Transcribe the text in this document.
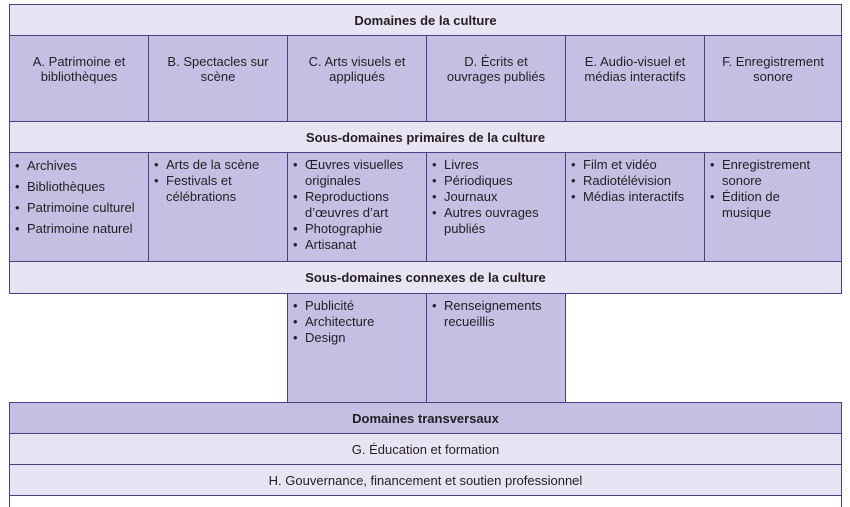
Domaines de la culture
A. Patrimoine et bibliothèques
B. Spectacles sur scène
C. Arts visuels et appliqués
D. Écrits et ouvrages publiés
E. Audio-visuel et médias interactifs
F. Enregistrement sonore
Sous-domaines primaires de la culture
• Archives
• Bibliothèques
• Patrimoine culturel
• Patrimoine naturel
• Arts de la scène
• Festivals et célébrations
• Œuvres visuelles originales
• Reproductions d’œuvres d’art
• Photographie
• Artisanat
• Livres
• Périodiques
• Journaux
• Autres ouvrages publiés
• Film et vidéo
• Radiotélévision
• Médias interactifs
• Enregistrement sonore
• Édition de musique
Sous-domaines connexes de la culture
• Publicité
• Architecture
• Design
• Renseignements recueillis
Domaines transversaux
G. Éducation et formation
H. Gouvernance, financement et soutien professionnel
